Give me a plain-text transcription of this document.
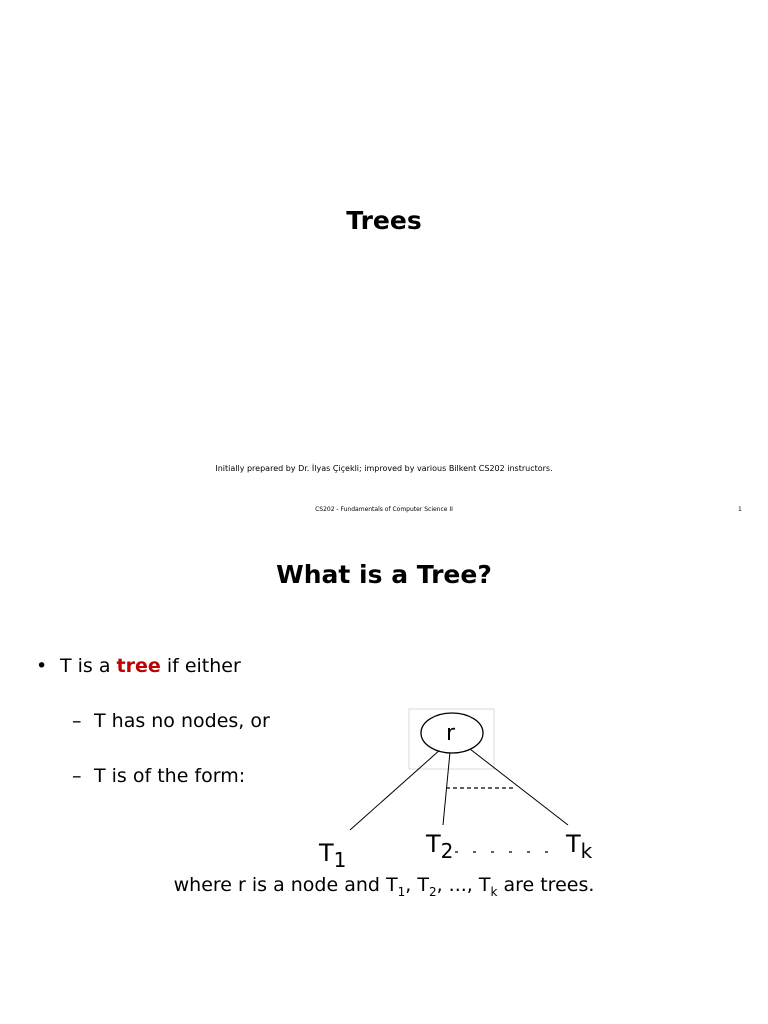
Trees
Initially prepared by Dr. İlyas Çiçekli; improved by various Bilkent CS202 instructors.
CS202 - Fundamentals of Computer Science II	1
What is a Tree?
• T is a tree if either
– T has no nodes, or
– T is of the form:
r
$T_1$
$T_2$	$T_k$
where r is a node and $T_1$, $T_2$, ..., $T_k$ are trees.
